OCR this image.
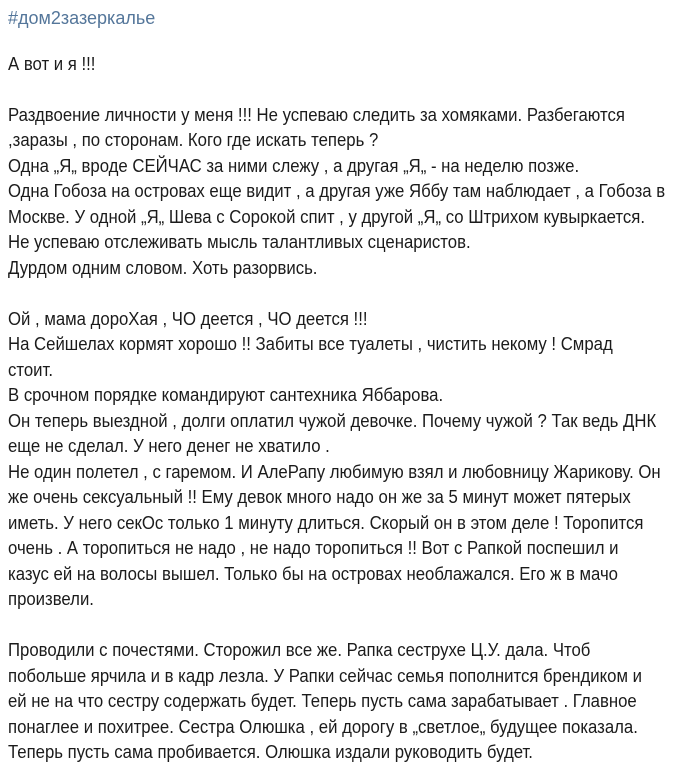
#дом2зазеркалье
А вот и я !!!
Раздвоение личности у меня !!! Не успеваю следить за хомяками. Разбегаются
,заразы , по сторонам. Кого где искать теперь ?
Одна „Я„ вроде СЕЙЧАС за ними слежу , а другая „Я„ - на неделю позже.
Одна Гобоза на островах еще видит , а другая уже Яббу там наблюдает , а Гобоза в
Москве. У одной „Я„ Шева с Сорокой спит , у другой „Я„ со Штрихом кувыркается.
Не успеваю отслеживать мысль талантливых сценаристов.
Дурдом одним словом. Хоть разорвись.
Ой , мама дороХая , ЧО деется , ЧО деется !!!
На Сейшелах кормят хорошо !! Забиты все туалеты , чистить некому ! Смрад
стоит.
В срочном порядке командируют сантехника Яббарова.
Он теперь выездной , долги оплатил чужой девочке. Почему чужой ? Так ведь ДНК
еще не сделал. У него денег не хватило .
Не один полетел , с гаремом. И АлеРапу любимую взял и любовницу Жарикову. Он
же очень сексуальный !! Ему девок много надо он же за 5 минут может пятерых
иметь. У него секОс только 1 минуту длиться. Скорый он в этом деле ! Торопится
очень . А торопиться не надо , не надо торопиться !! Вот с Рапкой поспешил и
казус ей на волосы вышел. Только бы на островах необлажался. Его ж в мачо
произвели.
Проводили с почестями. Сторожил все же. Рапка сеструхе Ц.У. дала. Чтоб
побольше ярчила и в кадр лезла. У Рапки сейчас семья пополнится брендиком и
ей не на что сестру содержать будет. Теперь пусть сама зарабатывает . Главное
понаглее и похитрее. Сестра Олюшка , ей дорогу в „светлое„ будущее показала.
Теперь пусть сама пробивается. Олюшка издали руководить будет.
